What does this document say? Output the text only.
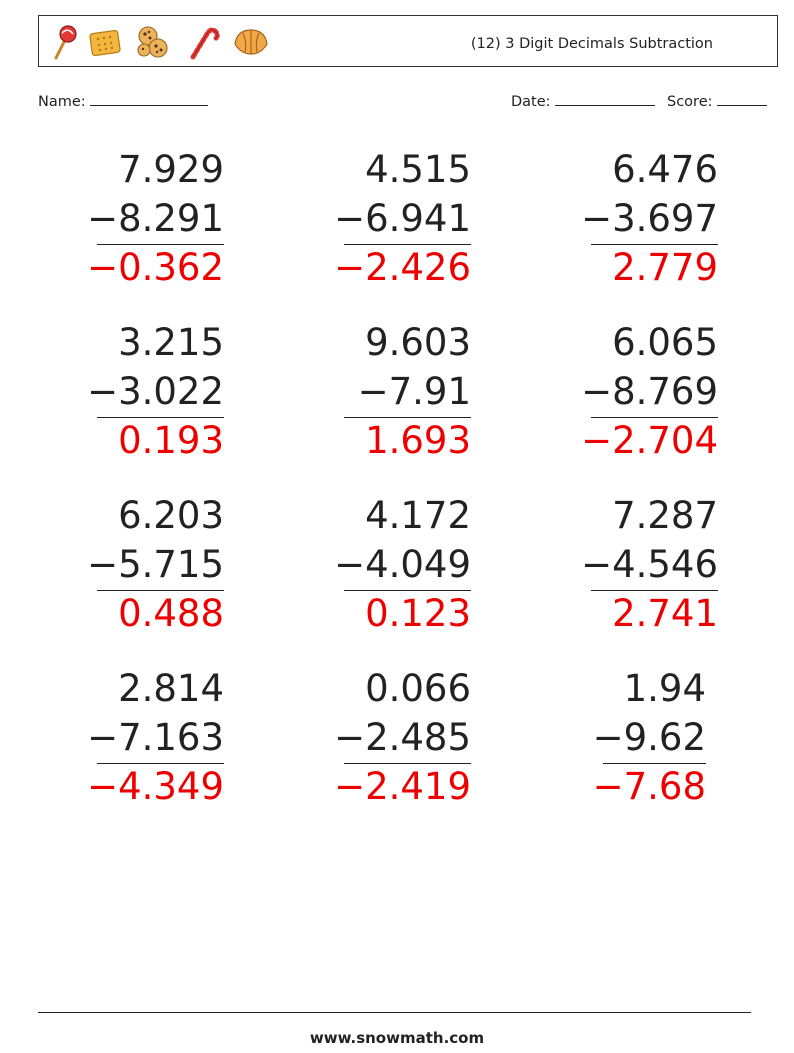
(12) 3 Digit Decimals Subtraction
Name:	Date:	Score:
7.929
−8.291
−0.362
4.515
−6.941
−2.426
6.476
−3.697
2.779
3.215
−3.022
0.193
9.603
−7.91
1.693
6.065
−8.769
−2.704
6.203
−5.715
0.488
4.172
−4.049
0.123
7.287
−4.546
2.741
2.814
−7.163
−4.349
0.066
−2.485
−2.419
1.94
−9.62
−7.68
www.snowmath.com
